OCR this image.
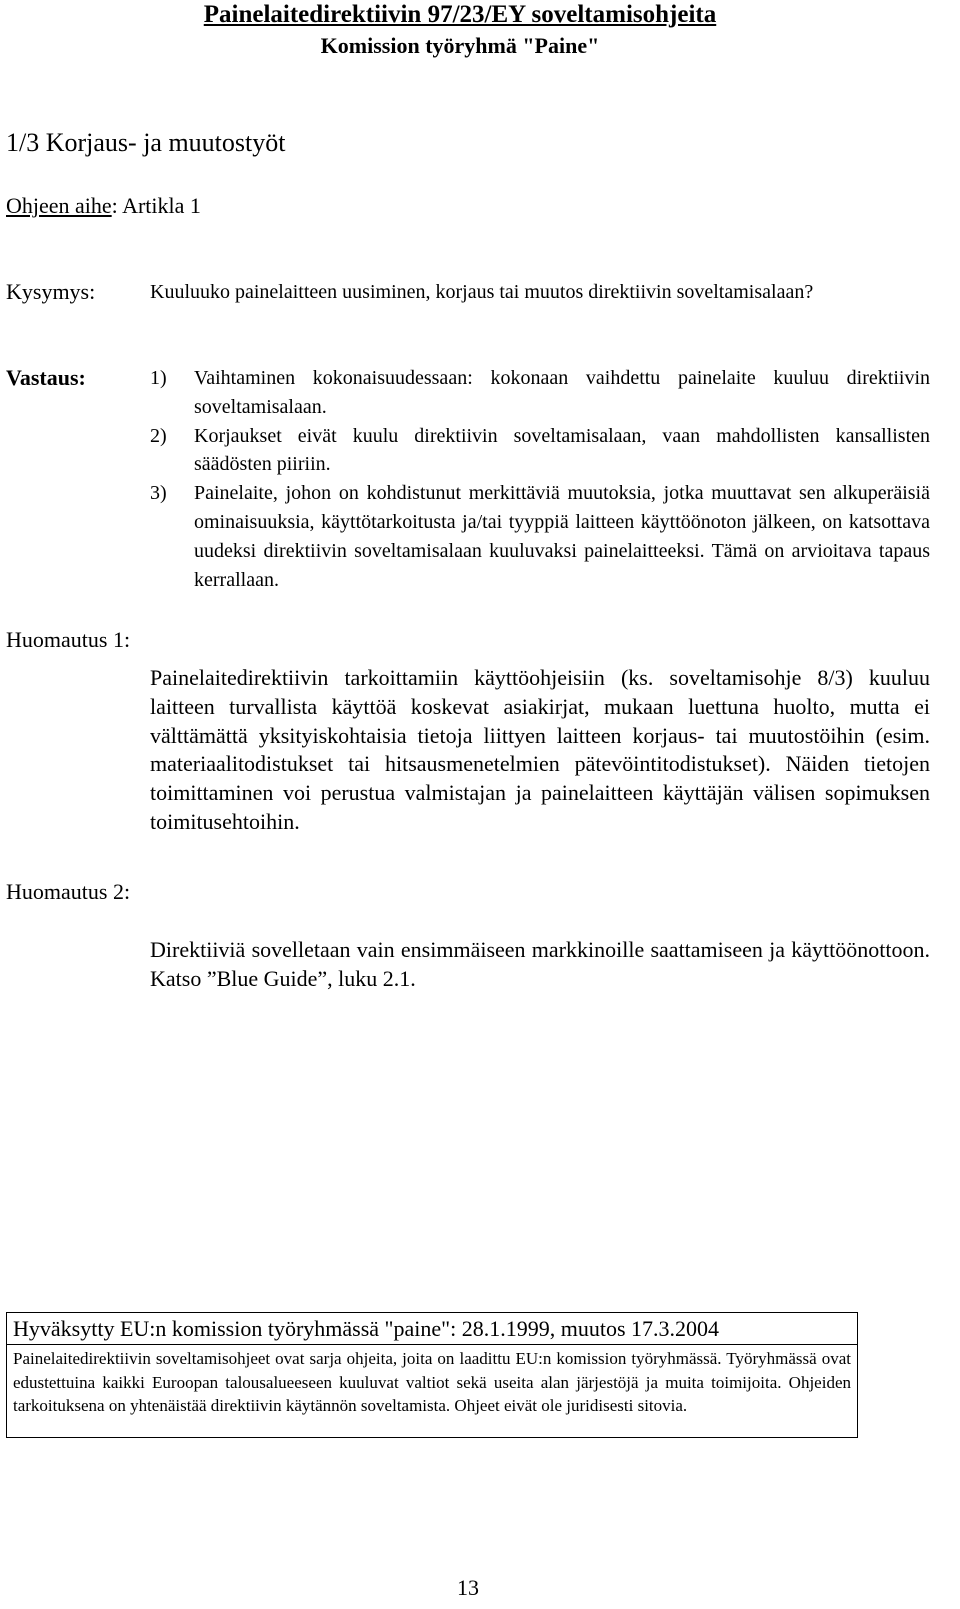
Painelaitedirektiivin 97/23/EY soveltamisohjeita
Komission työryhmä "Paine"
1/3 Korjaus- ja muutostyöt
Ohjeen aihe: Artikla 1
Kysymys:	Kuuluuko painelaitteen uusiminen, korjaus tai muutos direktiivin soveltamisalaan?
Vastaus:	1) Vaihtaminen kokonaisuudessaan: kokonaan vaihdettu painelaite kuuluu direktiivin soveltamisalaan.
2) Korjaukset eivät kuulu direktiivin soveltamisalaan, vaan mahdollisten kansallisten säädösten piiriin.
3) Painelaite, johon on kohdistunut merkittäviä muutoksia, jotka muuttavat sen alkuperäisiä ominaisuuksia, käyttötarkoitusta ja/tai tyyppiä laitteen käyttöönoton jälkeen, on katsottava uudeksi direktiivin soveltamisalaan kuuluvaksi painelaitteeksi. Tämä on arvioitava tapaus kerrallaan.
Huomautus 1:
Painelaitedirektiivin tarkoittamiin käyttöohjeisiin (ks. soveltamisohje 8/3) kuuluu laitteen turvallista käyttöä koskevat asiakirjat, mukaan luettuna huolto, mutta ei välttämättä yksityiskohtaisia tietoja liittyen laitteen korjaus- tai muutostöihin (esim. materiaalitodistukset tai hitsausmenetelmien pätevöintitodistukset). Näiden tietojen toimittaminen voi perustua valmistajan ja painelaitteen käyttäjän välisen sopimuksen toimitusehtoihin.
Huomautus 2:
Direktiiviä sovelletaan vain ensimmäiseen markkinoille saattamiseen ja käyttöönottoon. Katso ”Blue Guide”, luku 2.1.
Hyväksytty EU:n komission työryhmässä "paine": 28.1.1999, muutos 17.3.2004
Painelaitedirektiivin soveltamisohjeet ovat sarja ohjeita, joita on laadittu EU:n komission työryhmässä. Työryhmässä ovat edustettuina kaikki Euroopan talousalueeseen kuuluvat valtiot sekä useita alan järjestöjä ja muita toimijoita. Ohjeiden tarkoituksena on yhtenäistää direktiivin käytännön soveltamista. Ohjeet eivät ole juridisesti sitovia.
13
